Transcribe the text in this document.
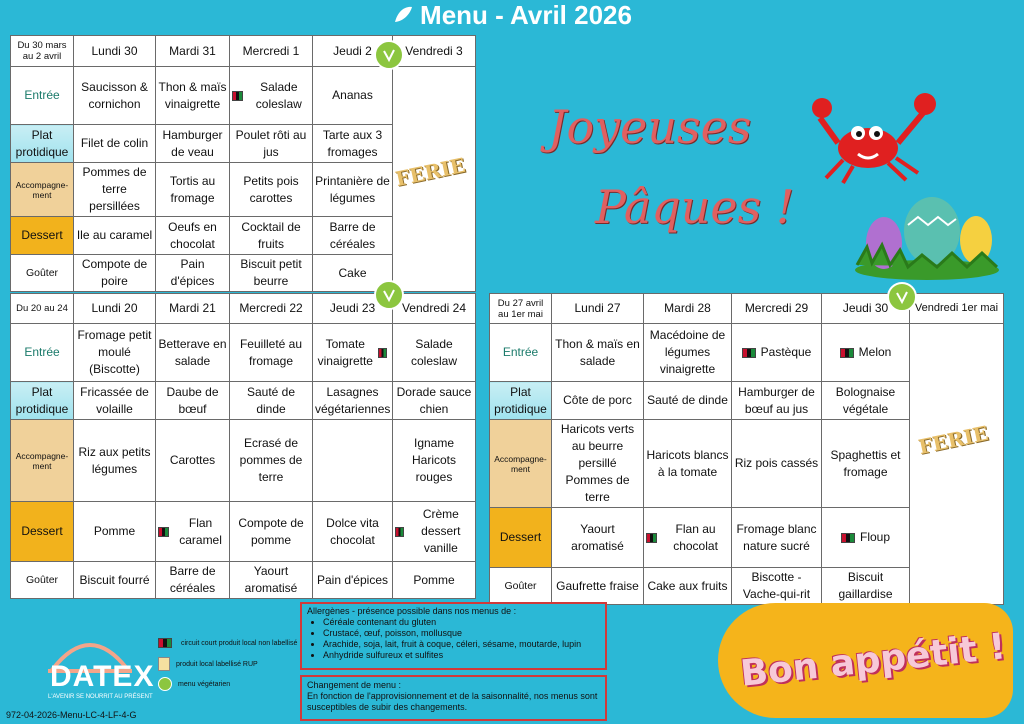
Menu - Avril 2026
Du 30 mars au 2 avril	Lundi 30	Mardi 31	Mercredi 1	Jeudi 2	Vendredi 3
Entrée	Saucisson & cornichon	Thon & maïs vinaigrette	Salade coleslaw	Ananas	
Plat protidique	Filet de colin	Hamburger de veau	Poulet rôti au jus	Tarte aux 3 fromages	
Accompagne-ment	Pommes de terre persillées	Tortis au fromage	Petits pois carottes	Printanière de légumes	
Dessert	Ile au caramel	Oeufs en chocolat	Cocktail de fruits	Barre de céréales	
Goûter	Compote de poire	Pain d'épices	Biscuit petit beurre	Cake	
FERIE
Joyeuses
Pâques !
Du 20 au 24	Lundi 20	Mardi 21	Mercredi 22	Jeudi 23	Vendredi 24
Entrée	Fromage petit moulé (Biscotte)	Betterave en salade	Feuilleté au fromage	Tomate vinaigrette	Salade coleslaw
Plat protidique	Fricassée de volaille	Daube de bœuf	Sauté de dinde	Lasagnes végétariennes	Dorade sauce chien
Accompagne-ment	Riz aux petits légumes	Carottes	Ecrasé de pommes de terre		Igname Haricots rouges
Dessert	Pomme	Flan caramel	Compote de pomme	Dolce vita chocolat	Crème dessert vanille

Goûter	Biscuit fourré	Barre de céréales	Yaourt aromatisé	Pain d'épices	Pomme
Du 27 avril au 1er mai	Lundi 27	Mardi 28	Mercredi 29	Jeudi 30	Vendredi 1er mai
Entrée	Thon & maïs en salade	Macédoine de légumes vinaigrette	Pastèque	Melon	

Plat protidique	Côte de porc	Sauté de dinde	Hamburger de bœuf au jus	Bolognaise végétale	
Accompagne-ment	Haricots verts au beurre persillé Pommes de terre	Haricots blancs à la tomate	Riz pois cassés	Spaghettis et fromage	
Dessert	Yaourt aromatisé	Flan au chocolat	Fromage blanc nature sucré	Floup	

Goûter	Gaufrette fraise	Cake aux fruits	Biscotte - Vache-qui-rit	Biscuit gaillardise	
FERIE
DATEX
L'AVENIR SE NOURRIT AU PRÉSENT
circuit court produit local non labellisé
produit local labellisé RUP
menu végétarien
Allergènes - présence possible dans nos menus de :
• Céréale contenant du gluten
• Crustacé, œuf, poisson, mollusque
• Arachide, soja, lait, fruit à coque, céleri, sésame, moutarde, lupin
• Anhydride sulfureux et sulfites
Changement de menu :
En fonction de l'approvisionnement et de la saisonnalité, nos menus sont susceptibles de subir des changements.
Bon appétit !
972-04-2026-Menu-LC-4-LF-4-G
